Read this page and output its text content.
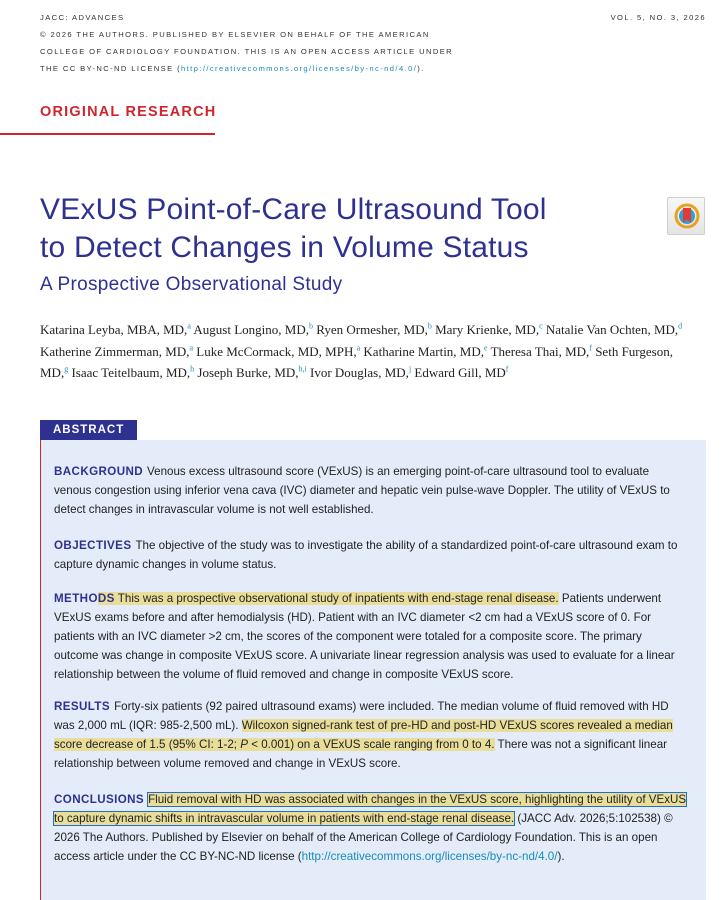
JACC: ADVANCES
© 2026 THE AUTHORS. PUBLISHED BY ELSEVIER ON BEHALF OF THE AMERICAN
COLLEGE OF CARDIOLOGY FOUNDATION. THIS IS AN OPEN ACCESS ARTICLE UNDER
THE CC BY-NC-ND LICENSE (http://creativecommons.org/licenses/by-nc-nd/4.0/).
VOL. 5, NO. 3, 2026
ORIGINAL RESEARCH
VExUS Point-of-Care Ultrasound Tool
to Detect Changes in Volume Status
A Prospective Observational Study
Katarina Leyba, MBA, MD,$^a$ August Longino, MD,$^b$ Ryen Ormesher, MD,$^b$ Mary Krienke, MD,$^c$ Natalie Van Ochten, MD,$^d$ Katherine Zimmerman, MD,$^a$ Luke McCormack, MD, MPH,$^a$ Katharine Martin, MD,$^e$ Theresa Thai, MD,$^f$ Seth Furgeson, MD,$^g$ Isaac Teitelbaum, MD,$^h$ Joseph Burke, MD,$^{h,i}$ Ivor Douglas, MD,$^j$ Edward Gill, $MD^f$
ABSTRACT
BACKGROUND Venous excess ultrasound score (VExUS) is an emerging point-of-care ultrasound tool to evaluate venous congestion using inferior vena cava (IVC) diameter and hepatic vein pulse-wave Doppler. The utility of VExUS to detect changes in intravascular volume is not well established.
OBJECTIVES The objective of the study was to investigate the ability of a standardized point-of-care ultrasound exam to capture dynamic changes in volume status.
METHODS This was a prospective observational study of inpatients with end-stage renal disease. Patients underwent VExUS exams before and after hemodialysis (HD). Patient with an IVC diameter <2 cm had a VExUS score of 0. For patients with an IVC diameter >2 cm, the scores of the component were totaled for a composite score. The primary outcome was change in composite VExUS score. A univariate linear regression analysis was used to evaluate for a linear relationship between the volume of fluid removed and change in composite VExUS score.
RESULTS Forty-six patients (92 paired ultrasound exams) were included. The median volume of fluid removed with HD was 2,000 mL (IQR: 985-2,500 mL). Wilcoxon signed-rank test of pre-HD and post-HD VExUS scores revealed a median score decrease of 1.5 (95% CI: 1-2; P < 0.001) on a VExUS scale ranging from 0 to 4. There was not a significant linear relationship between volume removed and change in VExUS score.
CONCLUSIONS Fluid removal with HD was associated with changes in the VExUS score, highlighting the utility of VExUS to capture dynamic shifts in intravascular volume in patients with end-stage renal disease. (JACC Adv. 2026;5:102538) © 2026 The Authors. Published by Elsevier on behalf of the American College of Cardiology Foundation. This is an open access article under the CC BY-NC-ND license (http://creativecommons.org/licenses/by-nc-nd/4.0/).
